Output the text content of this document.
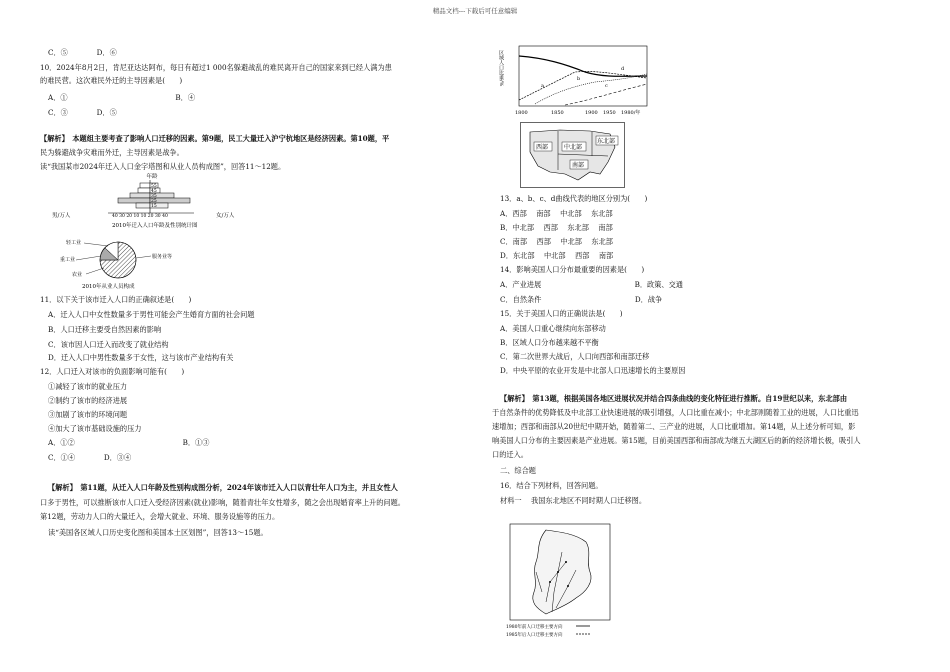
精品文档---下载后可任意编辑
C．⑤　　　　D．⑥
10．2024年8月2日，肯尼亚达达阿布，每日有超过1 000名躲避战乱的难民离开自己的国家来到已经人满为患
的难民营。这次难民外迁的主导因素是(　　)
A．①　　　　　　　　　　　　　　　B．④
C．③　　　　D．⑤
【解析】　本题组主要考查了影响人口迁移的因素。第9题，民工大量迁入沪宁杭地区是经济因素。第10题，平
民为躲避战争灾难而外迁，主导因素是战争。
读“我国某市2024年迁入人口金字塔图和从业人员构成图”，回答11～12题。
年龄
55
45
35
25
15
男/万人	40 30 20 10 10 20 30 40	女/万人
2010年迁入人口年龄及性别统计图
轻工业
重工业
农业
服务业等
2010年从业人员构成
11．以下关于该市迁入人口的正确叙述是(　　)
A．迁入人口中女性数量多于男性可能会产生婚育方面的社会问题
B．人口迁移主要受自然因素的影响
C．该市因人口迁入而改变了就业结构
D．迁入人口中男性数量多于女性，这与该市产业结构有关
12．人口迁入对该市的负面影响可能有(　　)
①减轻了该市的就业压力
②制约了该市的经济进展
③加剧了该市的环境问题
④加大了该市基础设施的压力
A．①②　　　　　　　　　　　　　　　B．①③
C．①④　　　　D．③④
【解析】　第11题，从迁入人口年龄及性别构成图分析，2024年该市迁入人口以青壮年人口为主，并且女性人
口多于男性，可以推断该市人口迁入受经济因素(就业)影响，随着青壮年女性增多，随之会出现婚育率上升的问题。
第12题，劳动力人口的大量迁入，会增大就业、环境、服务设施等的压力。
读“美国各区域人口历史变化图和美国本土区划图”，回答13～15题。
区域人口比重/%	a
b
c
d
1800	1850	1900 1950 1980/年
西部	中北部
南部
东北部
13．a、b、c、d曲线代表的地区分别为(　　)
A．西部　 南部　 中北部　 东北部
B．中北部　 西部　 东北部　 南部
C．南部　 西部　 中北部　 东北部
D．东北部　 中北部　 西部　 南部
14．影响美国人口分布最重要的因素是(　　)
A．产业进展　　　　　　　　　　　　　B．政策、交通
C．自然条件　　　　　　　　　　　　　D．战争
15．关于美国人口的正确说法是(　　)
A．美国人口重心继续向东部移动
B．区域人口分布越来越不平衡
C．第二次世界大战后，人口向西部和南部迁移
D．中央平原的农业开发是中北部人口迅速增长的主要原因
【解析】　第13题，根据美国各地区进展状况并结合四条曲线的变化特征进行推断。自19世纪以来，东北部由
于自然条件的优势降低及中北部工业快速进展的吸引增强，人口比重在减小；中北部则随着工业的进展，人口比重迅
速增加；西部和南部从20世纪中期开始，随着第二、三产业的进展，人口比重增加。第14题，从上述分析可知，影
响美国人口分布的主要因素是产业进展。第15题，目前美国西部和南部成为继五大湖区后的新的经济增长极，吸引人
口的迁入。
二、综合题
16．结合下列材料，回答问题。
材料一　 我国东北地区不同时期人口迁移图。
1980年前人口迁移主要方向
1985年后人口迁移主要方向
